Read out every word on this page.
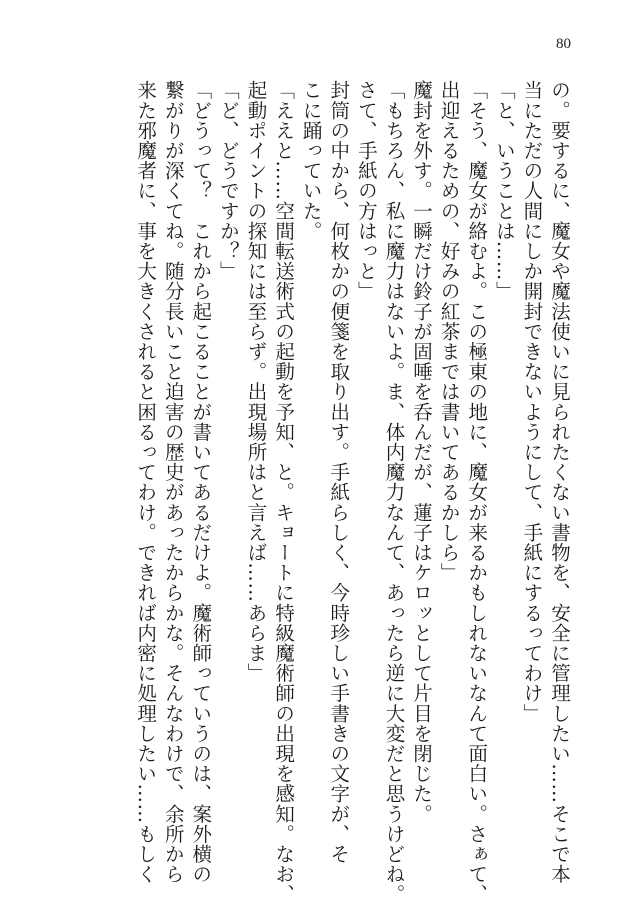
80
の。要するに、魔女や魔法使いに見られたくない書物を、安全に管理したい……そこで本
当にただの人間にしか開封できないようにして、手紙にするってわけ」
「と、いうことは……」
「そう、魔女が絡むよ。この極東の地に、魔女が来るかもしれないなんて面白い。さぁて、
出迎えるための、好みの紅茶までは書いてあるかしら」
魔封を外す。一瞬だけ鈴子が固唾を呑んだが、蓮子はケロッとして片目を閉じた。
「もちろん、私に魔力はないよ。ま、体内魔力なんて、あったら逆に大変だと思うけどね。
さて、手紙の方はっと」
封筒の中から、何枚かの便箋を取り出す。手紙らしく、今時珍しい手書きの文字が、そ
こに踊っていた。
「ええと……空間転送術式の起動を予知、と。キョートに特級魔術師の出現を感知。なお、
起動ポイントの探知には至らず。出現場所はと言えば……あらま」
「ど、どうですか？」
「どうって？　これから起こることが書いてあるだけよ。魔術師っていうのは、案外横の
繋がりが深くてね。随分長いこと迫害の歴史があったからかな。そんなわけで、余所から
来た邪魔者に、事を大きくされると困るってわけ。できれば内密に処理したい……もしく
